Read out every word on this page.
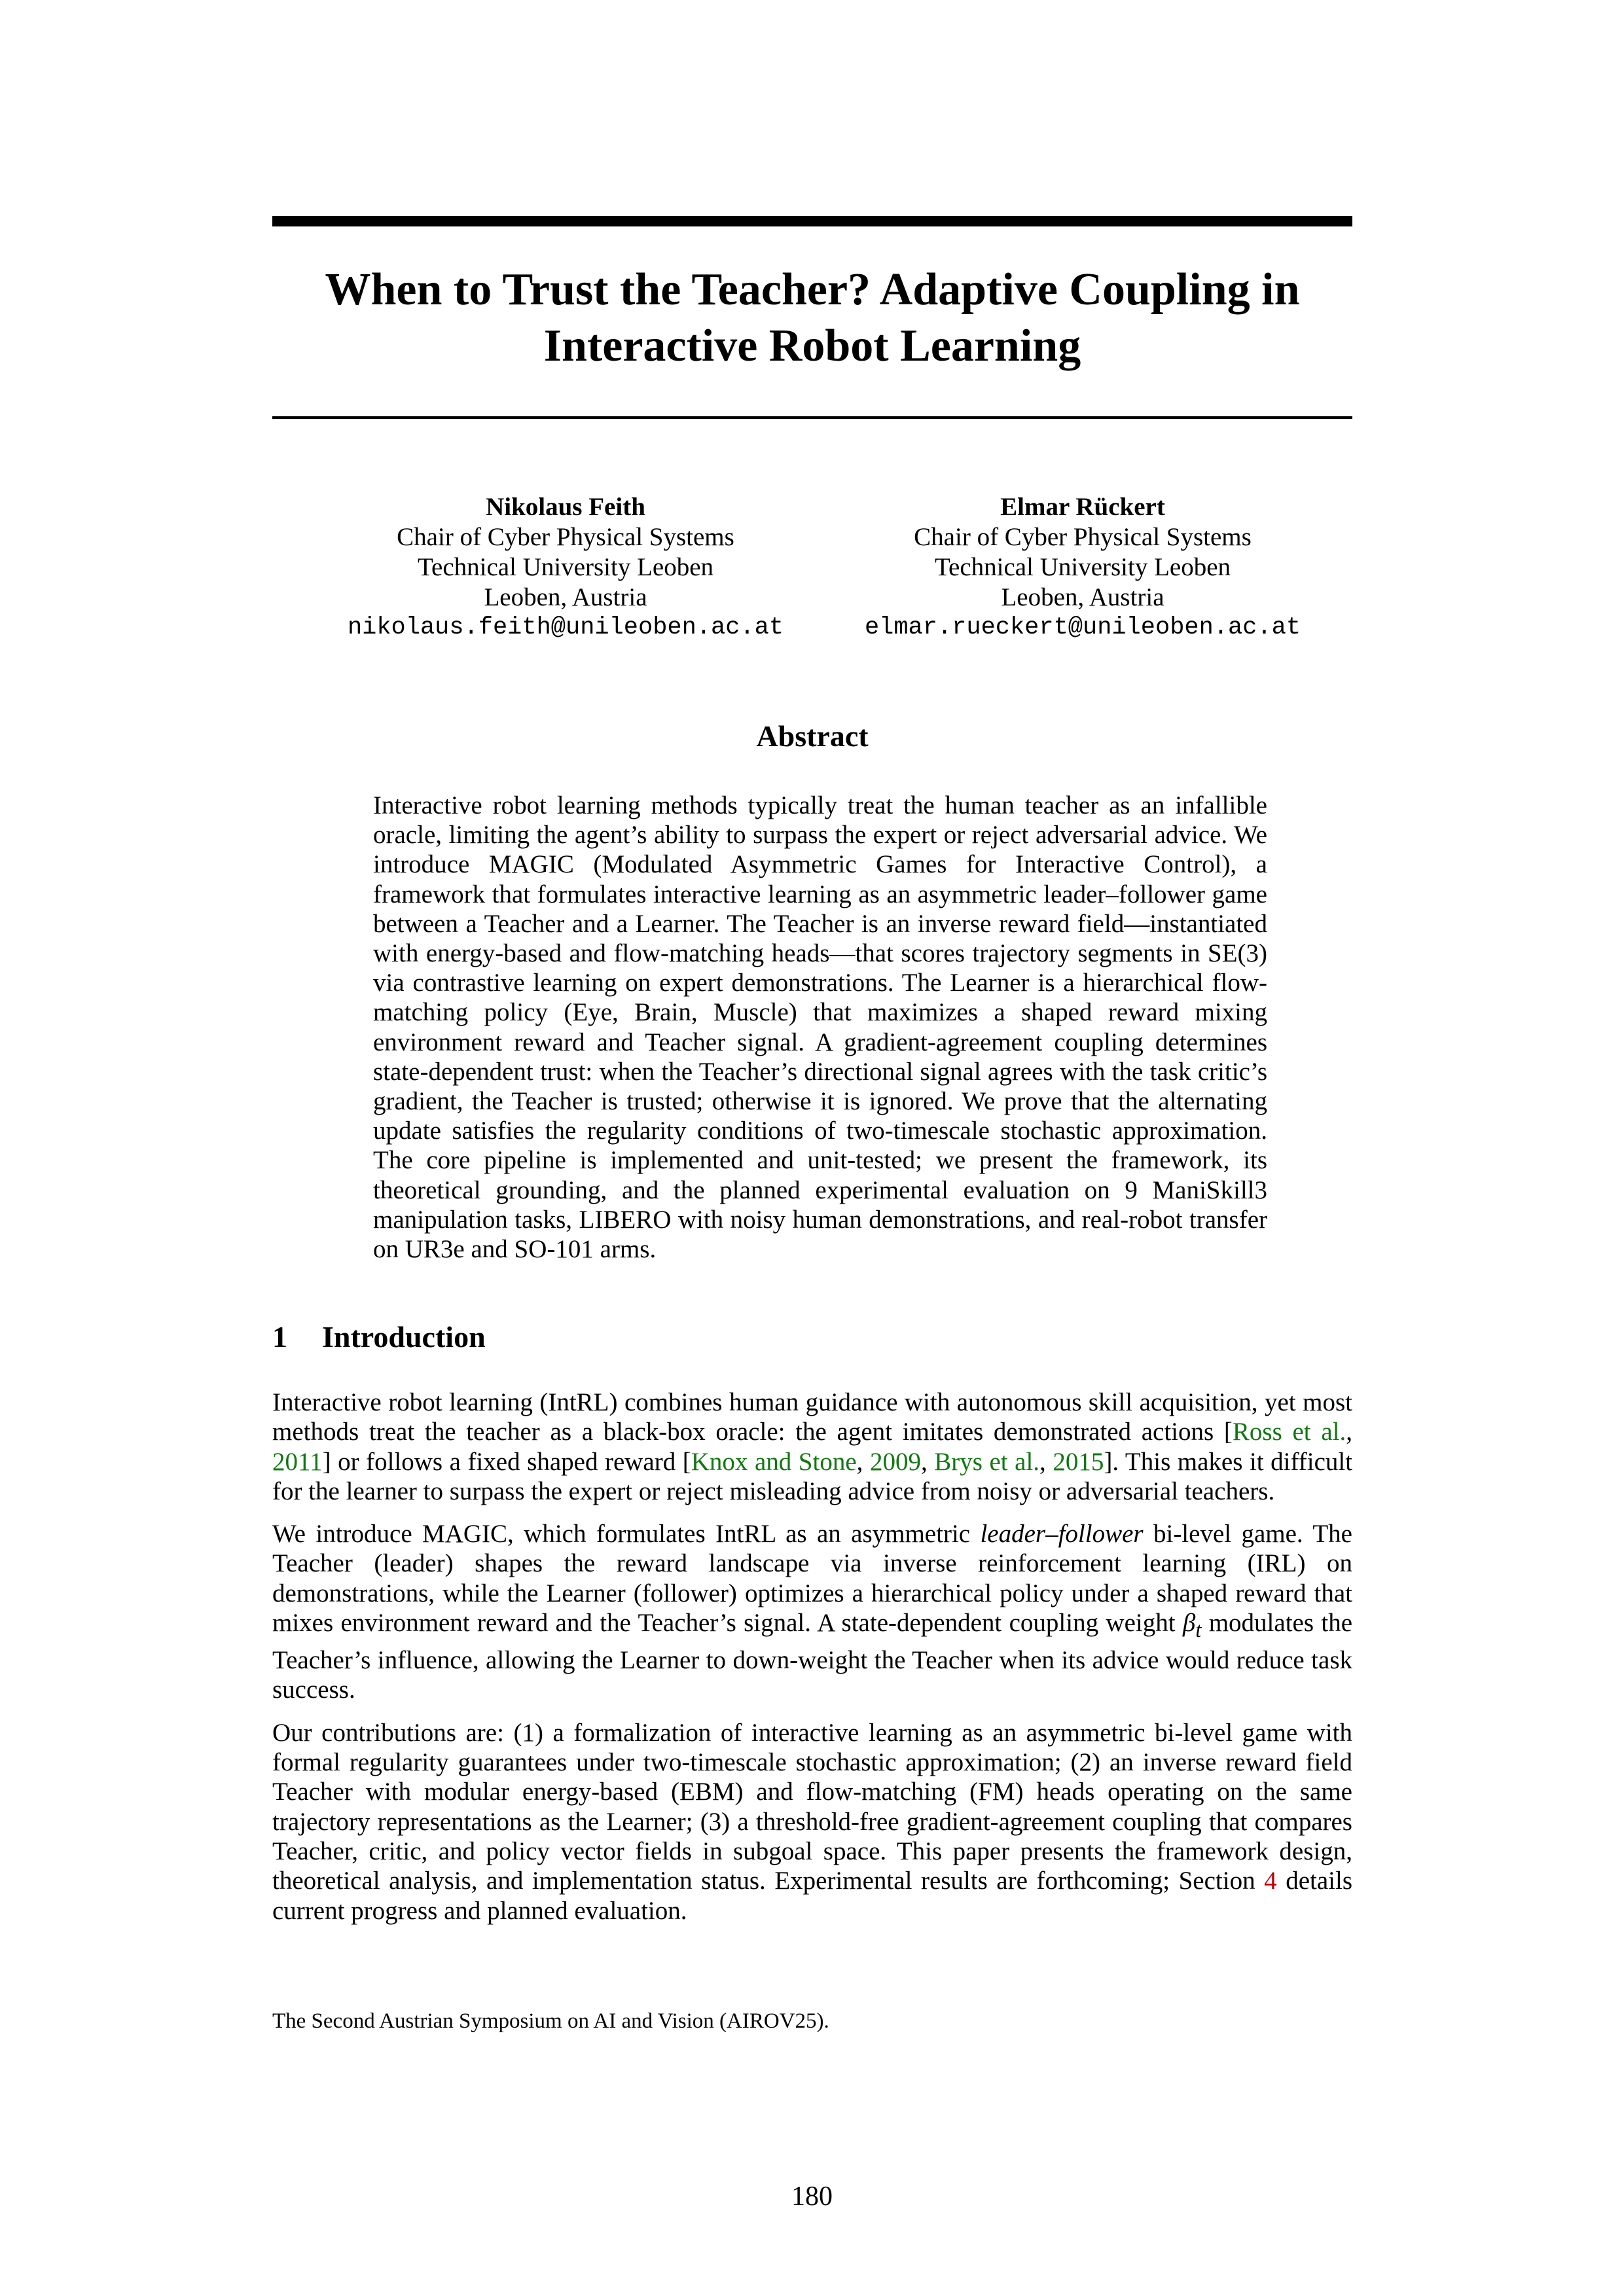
When to Trust the Teacher? Adaptive Coupling in Interactive Robot Learning
Nikolaus Feith
Chair of Cyber Physical Systems
Technical University Leoben
Leoben, Austria
nikolaus.feith@unileoben.ac.at
Elmar Rückert
Chair of Cyber Physical Systems
Technical University Leoben
Leoben, Austria
elmar.rueckert@unileoben.ac.at
Abstract
Interactive robot learning methods typically treat the human teacher as an infallible oracle, limiting the agent’s ability to surpass the expert or reject adversarial advice. We introduce MAGIC (Modulated Asymmetric Games for Interactive Control), a framework that formulates interactive learning as an asymmetric leader–follower game between a Teacher and a Learner. The Teacher is an inverse reward field—instantiated with energy-based and flow-matching heads—that scores trajectory segments in SE(3) via contrastive learning on expert demonstrations. The Learner is a hierarchical flow-matching policy (Eye, Brain, Muscle) that maximizes a shaped reward mixing environment reward and Teacher signal. A gradient-agreement coupling determines state-dependent trust: when the Teacher’s directional signal agrees with the task critic’s gradient, the Teacher is trusted; otherwise it is ignored. We prove that the alternating update satisfies the regularity conditions of two-timescale stochastic approximation. The core pipeline is implemented and unit-tested; we present the framework, its theoretical grounding, and the planned experimental evaluation on 9 ManiSkill3 manipulation tasks, LIBERO with noisy human demonstrations, and real-robot transfer on UR3e and SO-101 arms.
1 Introduction

Interactive robot learning (IntRL) combines human guidance with autonomous skill acquisition, yet most methods treat the teacher as a black-box oracle: the agent imitates demonstrated actions [Ross et al., 2011] or follows a fixed shaped reward [Knox and Stone, 2009, Brys et al., 2015]. This makes it difficult for the learner to surpass the expert or reject misleading advice from noisy or adversarial teachers.

We introduce MAGIC, which formulates IntRL as an asymmetric leader–follower bi-level game. The Teacher (leader) shapes the reward landscape via inverse reinforcement learning (IRL) on demonstrations, while the Learner (follower) optimizes a hierarchical policy under a shaped reward that mixes environment reward and the Teacher’s signal. A state-dependent coupling weight $\beta_t$ modulates the Teacher’s influence, allowing the Learner to down-weight the Teacher when its advice would reduce task success.

Our contributions are: (1) a formalization of interactive learning as an asymmetric bi-level game with formal regularity guarantees under two-timescale stochastic approximation; (2) an inverse reward field Teacher with modular energy-based (EBM) and flow-matching (FM) heads operating on the same trajectory representations as the Learner; (3) a threshold-free gradient-agreement coupling that compares Teacher, critic, and policy vector fields in subgoal space. This paper presents the framework design, theoretical analysis, and implementation status. Experimental results are forthcoming; Section 4 details current progress and planned evaluation.

The Second Austrian Symposium on AI and Vision (AIROV25).
180
